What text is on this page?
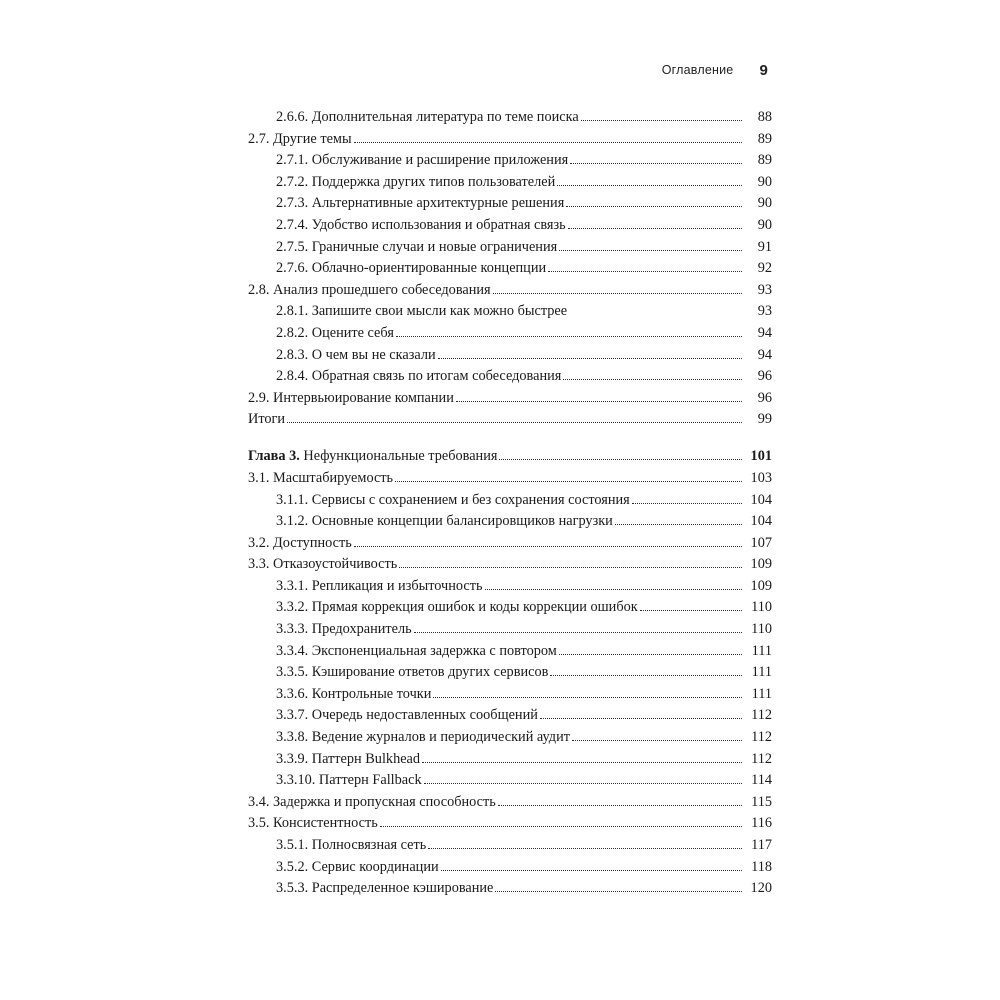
Оглавление 9
2.6.6. Дополнительная литература по теме поиска	88
2.7. Другие темы	89
2.7.1. Обслуживание и расширение приложения	89
2.7.2. Поддержка других типов пользователей	90
2.7.3. Альтернативные архитектурные решения	90
2.7.4. Удобство использования и обратная связь	90
2.7.5. Граничные случаи и новые ограничения	91
2.7.6. Облачно-ориентированные концепции	92
2.8. Анализ прошедшего собеседования	93
2.8.1. Запишите свои мысли как можно быстрее	93
2.8.2. Оцените себя	94
2.8.3. О чем вы не сказали	94
2.8.4. Обратная связь по итогам собеседования	96
2.9. Интервьюирование компании	96
Итоги	99
Глава 3. Нефункциональные требования	101
3.1. Масштабируемость	103
3.1.1. Сервисы с сохранением и без сохранения состояния	104
3.1.2. Основные концепции балансировщиков нагрузки	104
3.2. Доступность	107
3.3. Отказоустойчивость	109
3.3.1. Репликация и избыточность	109
3.3.2. Прямая коррекция ошибок и коды коррекции ошибок	110
3.3.3. Предохранитель	110
3.3.4. Экспоненциальная задержка с повтором	111
3.3.5. Кэширование ответов других сервисов	111
3.3.6. Контрольные точки	111
3.3.7. Очередь недоставленных сообщений	112
3.3.8. Ведение журналов и периодический аудит	112
3.3.9. Паттерн Bulkhead	112
3.3.10. Паттерн Fallback	114
3.4. Задержка и пропускная способность	115
3.5. Консистентность	116
3.5.1. Полносвязная сеть	117
3.5.2. Сервис координации	118
3.5.3. Распределенное кэширование	120
